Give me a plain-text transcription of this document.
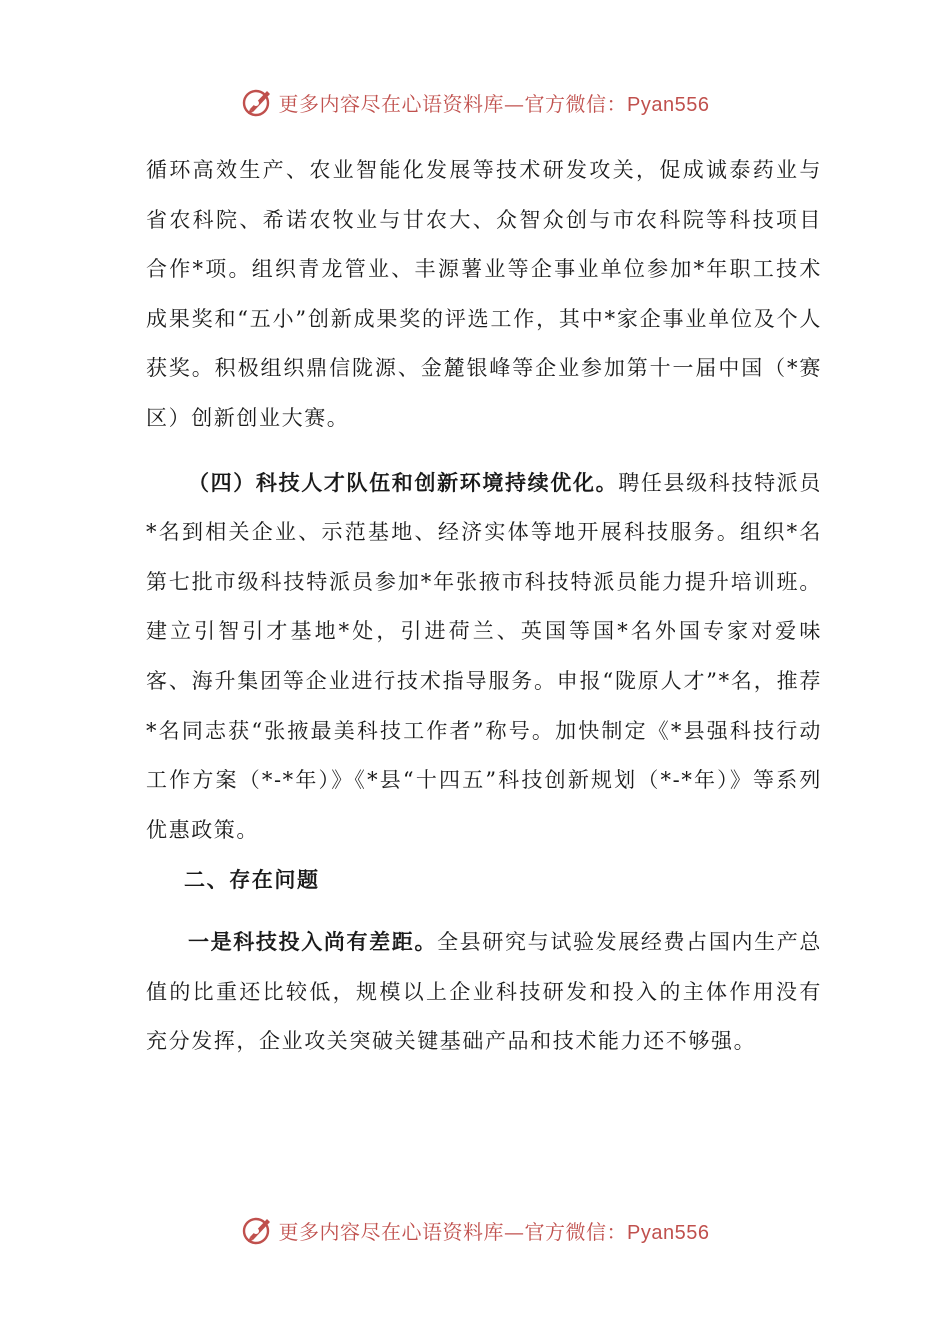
更多内容尽在心语资料库—官方微信：Pyan556

循环高效生产、农业智能化发展等技术研发攻关，促成诚泰药业与省农科院、希诺农牧业与甘农大、众智众创与市农科院等科技项目合作*项。组织青龙管业、丰源薯业等企事业单位参加*年职工技术成果奖和“五小”创新成果奖的评选工作，其中*家企事业单位及个人获奖。积极组织鼎信陇源、金麓银峰等企业参加第十一届中国（*赛区）创新创业大赛。

（四）科技人才队伍和创新环境持续优化。聘任县级科技特派员*名到相关企业、示范基地、经济实体等地开展科技服务。组织*名第七批市级科技特派员参加*年张掖市科技特派员能力提升培训班。建立引智引才基地*处，引进荷兰、英国等国*名外国专家对爱味客、海升集团等企业进行技术指导服务。申报“陇原人才”*名，推荐*名同志获“张掖最美科技工作者”称号。加快制定《*县强科技行动工作方案（*-*年）》《*县“十四五”科技创新规划（*-*年）》等系列优惠政策。

二、存在问题

一是科技投入尚有差距。全县研究与试验发展经费占国内生产总值的比重还比较低，规模以上企业科技研发和投入的主体作用没有充分发挥，企业攻关突破关键基础产品和技术能力还不够强。

更多内容尽在心语资料库—官方微信：Pyan556
